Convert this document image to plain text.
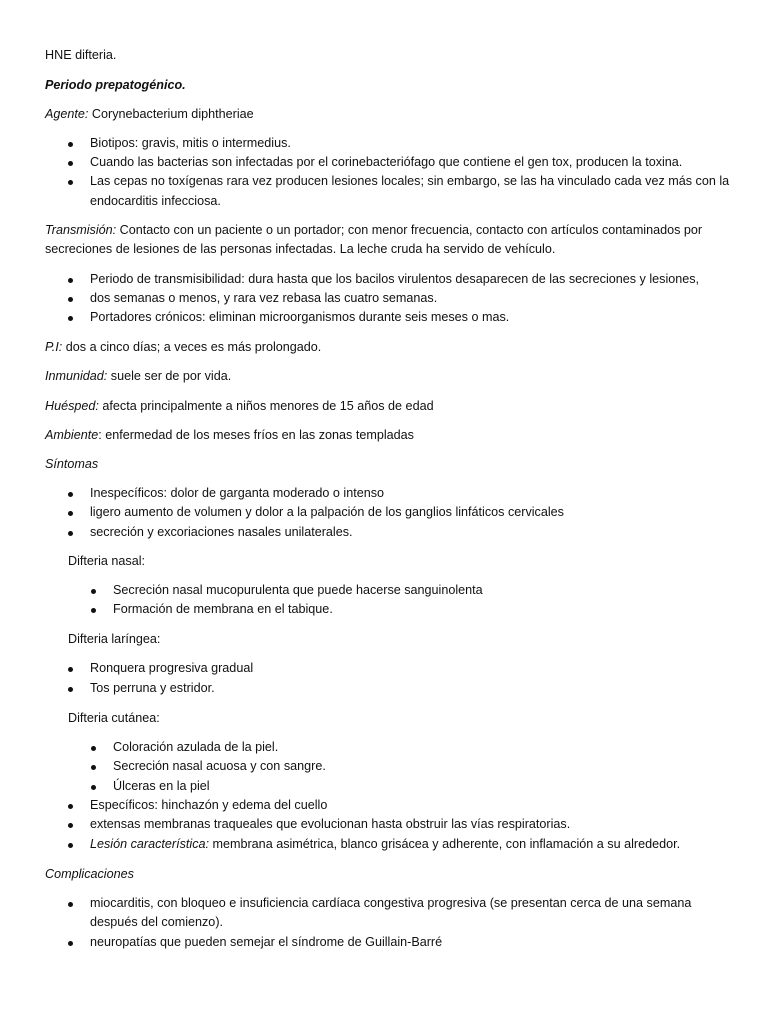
HNE difteria.
Periodo prepatogénico.
Agente: Corynebacterium diphtheriae
Biotipos: gravis, mitis o intermedius.
Cuando las bacterias son infectadas por el corinebacteriófago que contiene el gen tox, producen la toxina.
Las cepas no toxígenas rara vez producen lesiones locales; sin embargo, se las ha vinculado cada vez más con la
endocarditis infecciosa.
Transmisión: Contacto con un paciente o un portador; con menor frecuencia, contacto con artículos contaminados por
secreciones de lesiones de las personas infectadas. La leche cruda ha servido de vehículo.
Periodo de transmisibilidad: dura hasta que los bacilos virulentos desaparecen de las secreciones y lesiones,
dos semanas o menos, y rara vez rebasa las cuatro semanas.
Portadores crónicos: eliminan microorganismos durante seis meses o mas.
P.I: dos a cinco días; a veces es más prolongado.
Inmunidad: suele ser de por vida.
Huésped: afecta principalmente a niños menores de 15 años de edad
Ambiente: enfermedad de los meses fríos en las zonas templadas
Síntomas
Inespecíficos: dolor de garganta moderado o intenso
ligero aumento de volumen y dolor a la palpación de los ganglios linfáticos cervicales
secreción y excoriaciones nasales unilaterales.
Difteria nasal:
Secreción nasal mucopurulenta que puede hacerse sanguinolenta
Formación de membrana en el tabique.
Difteria laríngea:
Ronquera progresiva gradual
Tos perruna y estridor.
Difteria cutánea:
Coloración azulada de la piel.
Secreción nasal acuosa y con sangre.
Úlceras en la piel
Específicos: hinchazón y edema del cuello
extensas membranas traqueales que evolucionan hasta obstruir las vías respiratorias.
Lesión característica: membrana asimétrica, blanco grisácea y adherente, con inflamación a su alrededor.
Complicaciones
miocarditis, con bloqueo e insuficiencia cardíaca congestiva progresiva (se presentan cerca de una semana
después del comienzo).
neuropatías que pueden semejar el síndrome de Guillain-Barré
